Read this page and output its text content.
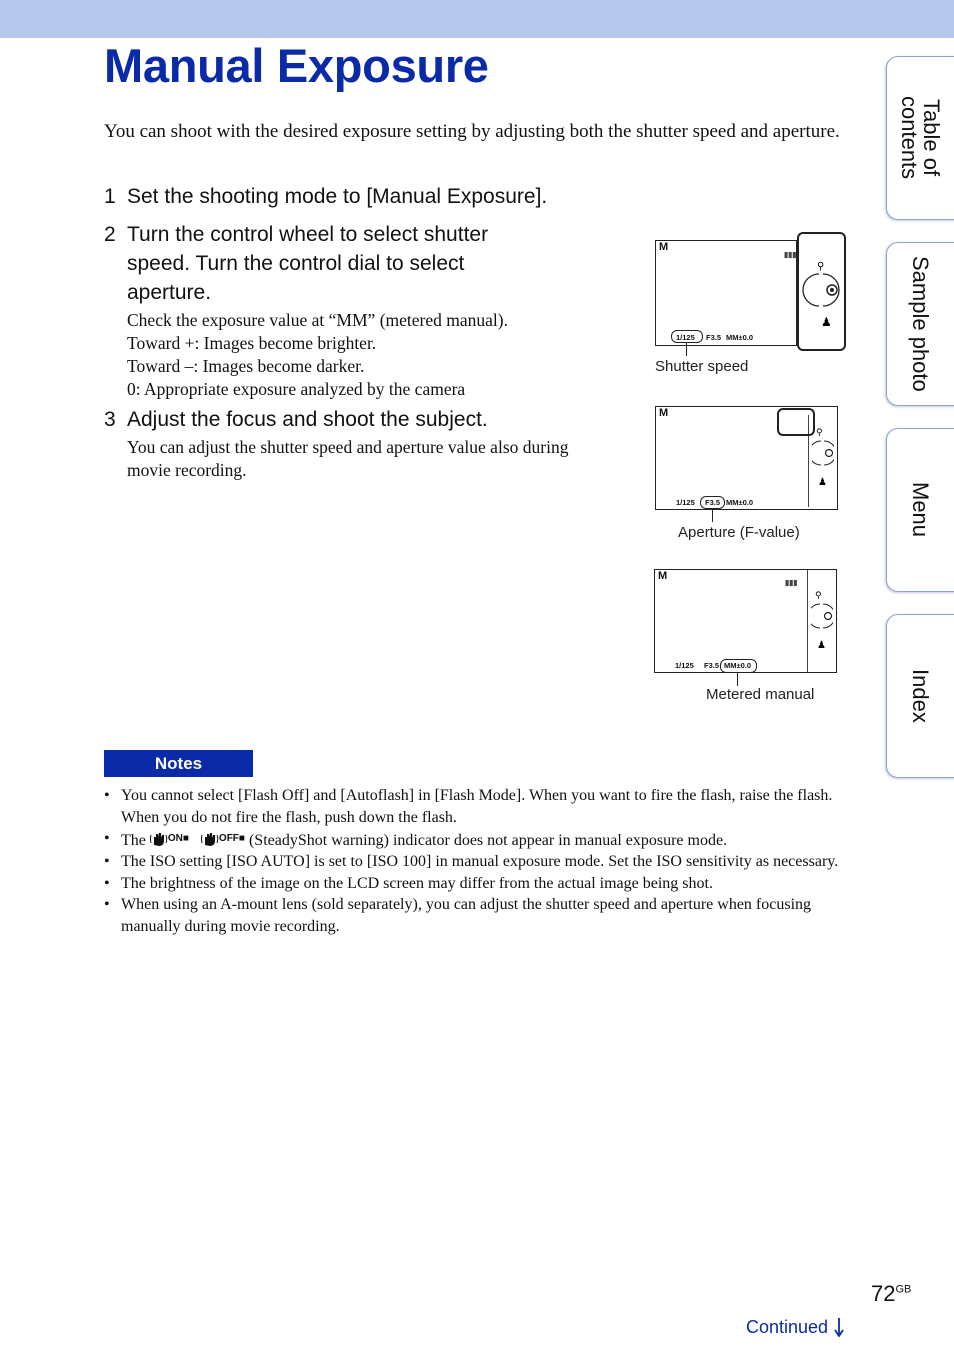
Manual Exposure

You can shoot with the desired exposure setting by adjusting both the shutter speed and aperture.

1 Set the shooting mode to [Manual Exposure].
2 Turn the control wheel to select shutter speed. Turn the control dial to select aperture.

Check the exposure value at “MM” (metered manual).

Toward +: Images become brighter.

Toward –: Images become darker.

0: Appropriate exposure analyzed by the camera

3 Adjust the focus and shoot the subject.

You can adjust the shutter speed and aperture value also during movie recording.

M
▮▮▮
1/125 F3.5 MM±0.0
⚲
♟
Shutter speed
M
1/125 F3.5 MM±0.0
⚲
♟
Aperture (F-value)
M
▮▮▮
1/125 F3.5 MM±0.0
⚲
♟
Metered manual
Notes
• You cannot select [Flash Off] and [Autoflash] in [Flash Mode]. When you want to fire the flash, raise the flash. When you do not fire the flash, push down the flash.
• The ON ■	OFF ■ (SteadyShot warning) indicator does not appear in manual exposure mode.
• The ISO setting [ISO AUTO] is set to [ISO 100] in manual exposure mode. Set the ISO sensitivity as necessary.
• The brightness of the image on the LCD screen may differ from the actual image being shot.
• When using an A-mount lens (sold separately), you can adjust the shutter speed and aperture when focusing manually during movie recording.
Table of contents
Sample photo
Menu
Index
$72^{GB}$
Continued
